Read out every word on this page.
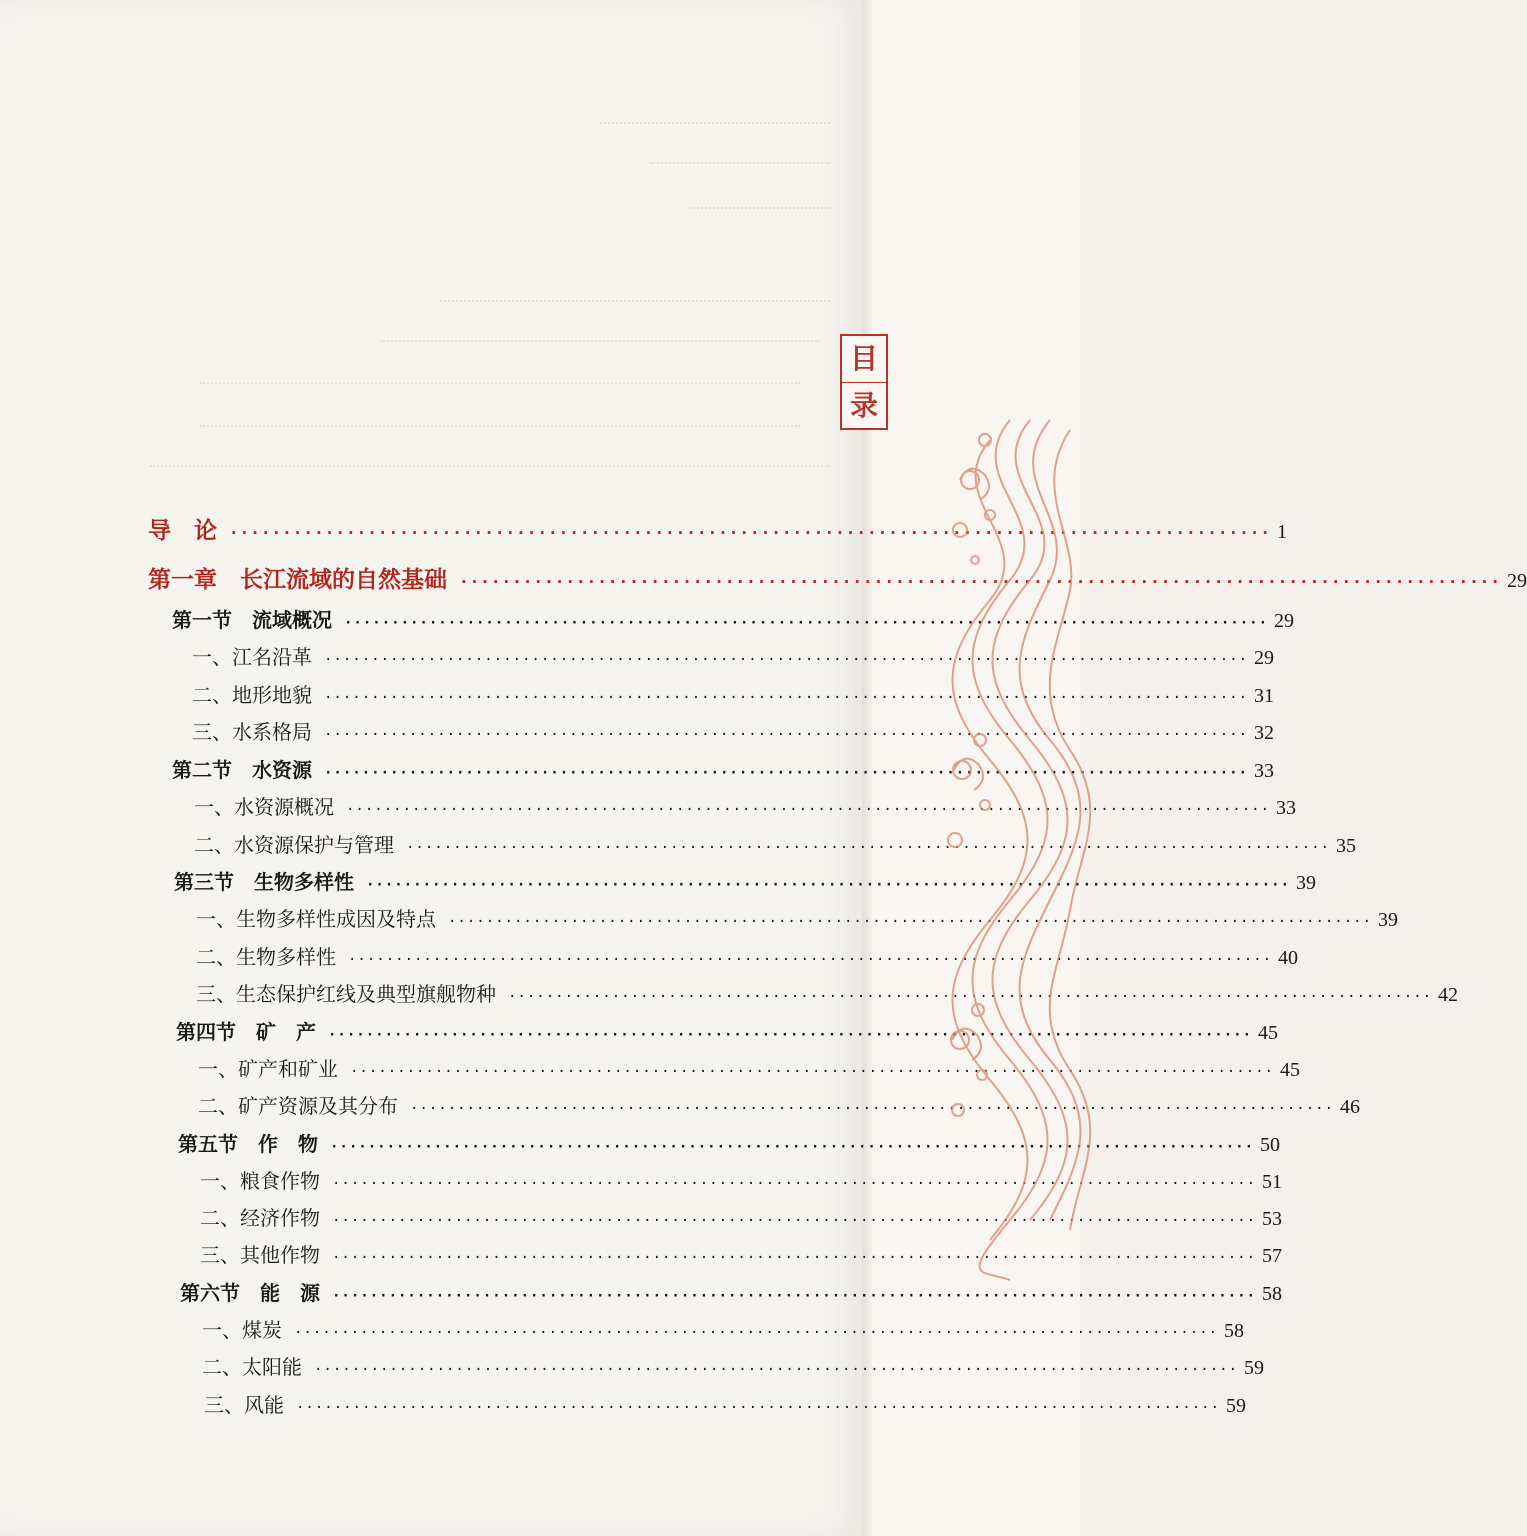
目
录
导　论 ·································································································· 1
第一章　长江流域的自然基础 ·································································································· 29
第一节　流域概况 ·································································································· 29
一、江名沿革 ·································································································· 29
二、地形地貌 ·································································································· 31
三、水系格局 ·································································································· 32
第二节　水资源 ·································································································· 33
一、水资源概况 ·································································································· 33
二、水资源保护与管理 ·································································································· 35
第三节　生物多样性 ·································································································· 39
一、生物多样性成因及特点 ·································································································· 39
二、生物多样性 ·································································································· 40
三、生态保护红线及典型旗舰物种 ·································································································· 42
第四节　矿　产 ·································································································· 45
一、矿产和矿业 ·································································································· 45
二、矿产资源及其分布 ·································································································· 46
第五节　作　物 ·································································································· 50
一、粮食作物 ·································································································· 51
二、经济作物 ·································································································· 53
三、其他作物 ·································································································· 57
第六节　能　源 ·································································································· 58
一、煤炭 ·································································································· 58
二、太阳能 ·································································································· 59
三、风能 ·································································································· 59
